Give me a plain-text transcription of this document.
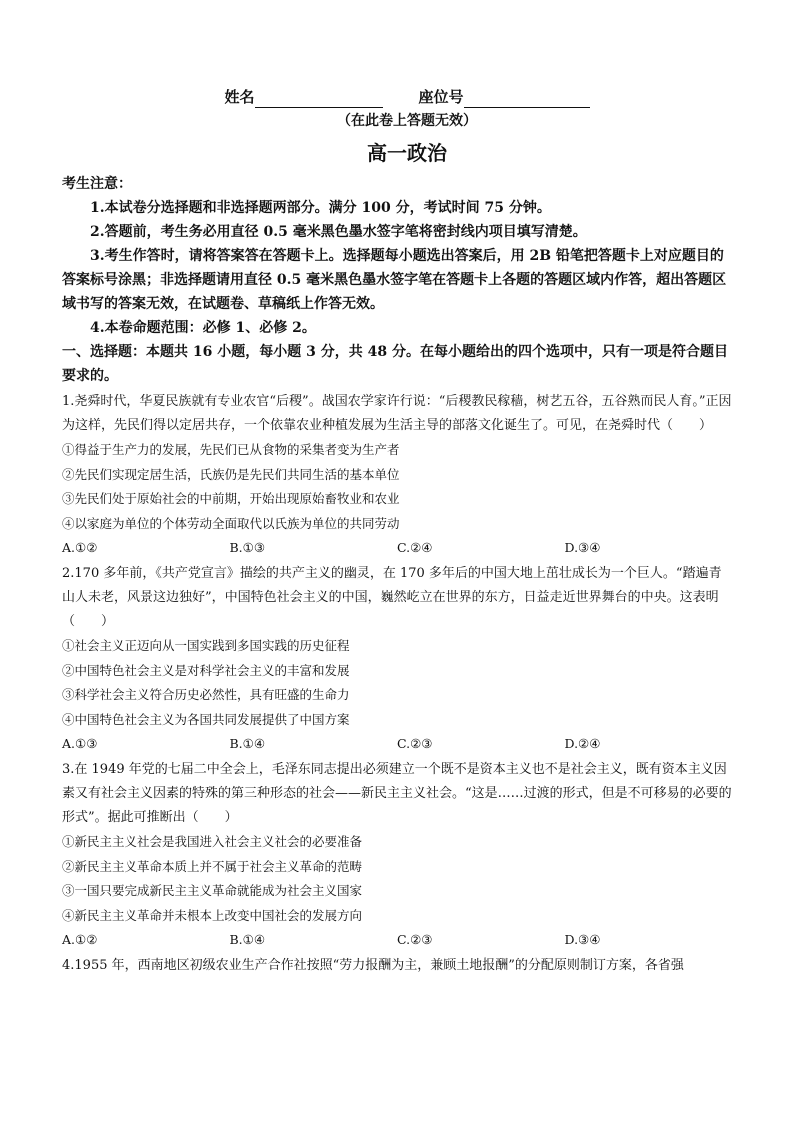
姓名	座位号
（在此卷上答题无效）
高一政治
考生注意：

1.本试卷分选择题和非选择题两部分。满分 100 分，考试时间 75 分钟。

2.答题前，考生务必用直径 0.5 毫米黑色墨水签字笔将密封线内项目填写清楚。

3.考生作答时，请将答案答在答题卡上。选择题每小题选出答案后，用 2B 铅笔把答题卡上对应题目的答案标号涂黑；非选择题请用直径 0.5 毫米黑色墨水签字笔在答题卡上各题的答题区域内作答，超出答题区域书写的答案无效，在试题卷、草稿纸上作答无效。

4.本卷命题范围：必修 1、必修 2。

一、选择题：本题共 16 小题，每小题 3 分，共 48 分。在每小题给出的四个选项中，只有一项是符合题目要求的。

1.尧舜时代，华夏民族就有专业农官“后稷”。战国农学家许行说：“后稷教民稼穑，树艺五谷，五谷熟而民人育。”正因为这样，先民们得以定居共存，一个依靠农业种植发展为生活主导的部落文化诞生了。可见，在尧舜时代（　　）

①得益于生产力的发展，先民们已从食物的采集者变为生产者

②先民们实现定居生活，氏族仍是先民们共同生活的基本单位

③先民们处于原始社会的中前期，开始出现原始畜牧业和农业

④以家庭为单位的个体劳动全面取代以氏族为单位的共同劳动

A.①②	B.①③	C.②④	D.③④

2.170 多年前，《共产党宣言》描绘的共产主义的幽灵，在 170 多年后的中国大地上茁壮成长为一个巨人。“踏遍青山人未老，风景这边独好”，中国特色社会主义的中国，巍然屹立在世界的东方，日益走近世界舞台的中央。这表明（　　）

①社会主义正迈向从一国实践到多国实践的历史征程

②中国特色社会主义是对科学社会主义的丰富和发展

③科学社会主义符合历史必然性，具有旺盛的生命力

④中国特色社会主义为各国共同发展提供了中国方案

A.①③	B.①④	C.②③	D.②④

3.在 1949 年党的七届二中全会上，毛泽东同志提出必须建立一个既不是资本主义也不是社会主义，既有资本主义因素又有社会主义因素的特殊的第三种形态的社会——新民主主义社会。“这是……过渡的形式，但是不可移易的必要的形式”。据此可推断出（　　）

①新民主主义社会是我国进入社会主义社会的必要准备

②新民主主义革命本质上并不属于社会主义革命的范畴

③一国只要完成新民主主义革命就能成为社会主义国家

④新民主主义革命并未根本上改变中国社会的发展方向

A.①②	B.①④	C.②③	D.③④

4.1955 年，西南地区初级农业生产合作社按照“劳力报酬为主，兼顾土地报酬”的分配原则制订方案，各省强
